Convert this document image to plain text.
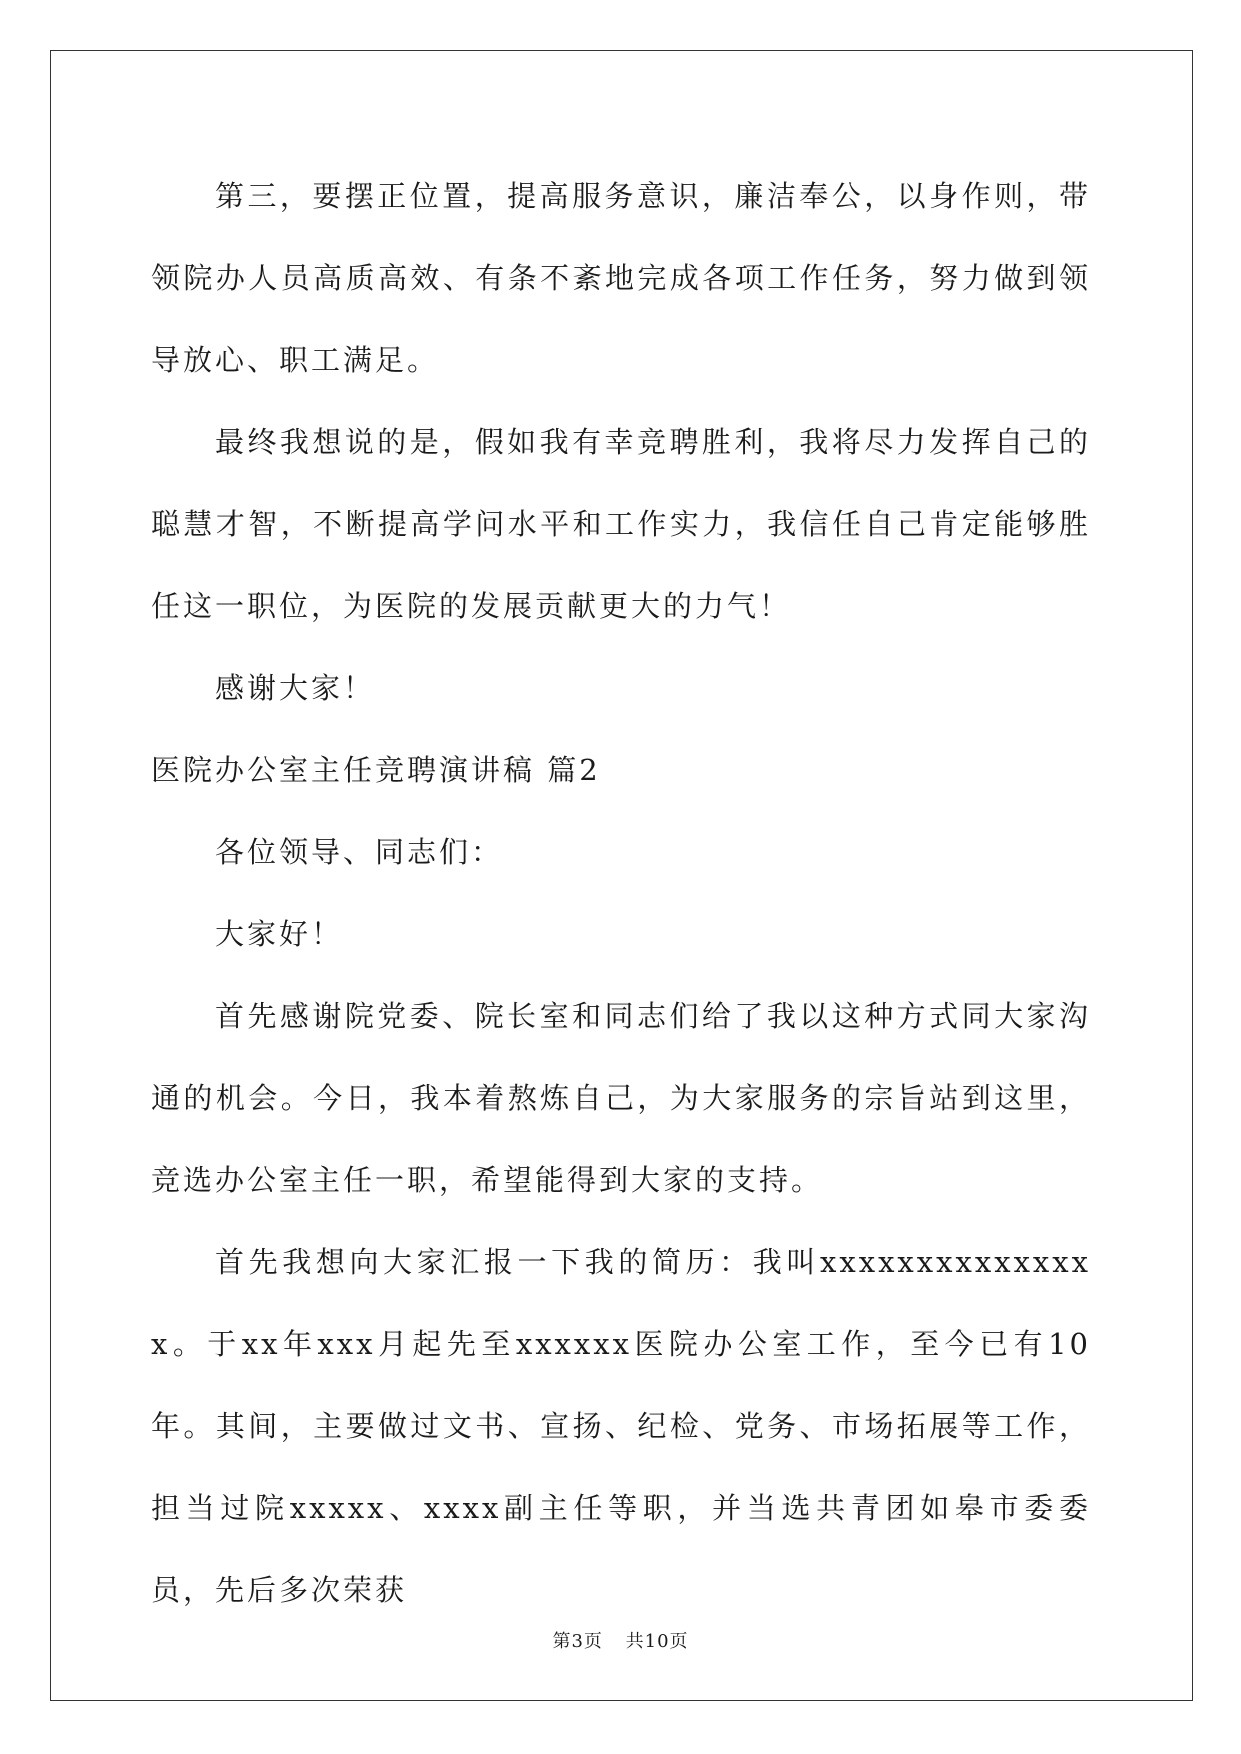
第三，要摆正位置，提高服务意识，廉洁奉公，以身作则，带领院办人员高质高效、有条不紊地完成各项工作任务，努力做到领导放心、职工满足。

最终我想说的是，假如我有幸竞聘胜利，我将尽力发挥自己的聪慧才智，不断提高学问水平和工作实力，我信任自己肯定能够胜任这一职位，为医院的发展贡献更大的力气！

感谢大家！

医院办公室主任竞聘演讲稿 篇2

各位领导、同志们：

大家好！

首先感谢院党委、院长室和同志们给了我以这种方式同大家沟通的机会。今日，我本着熬炼自己，为大家服务的宗旨站到这里，竞选办公室主任一职，希望能得到大家的支持。

首先我想向大家汇报一下我的简历：我叫xxxxxxxxxxxxxxx。于xx年xxx月起先至xxxxxx医院办公室工作，至今已有10年。其间，主要做过文书、宣扬、纪检、党务、市场拓展等工作，担当过院xxxxx、xxxx副主任等职，并当选共青团如皋市委委员，先后多次荣获

第3页 共10页
